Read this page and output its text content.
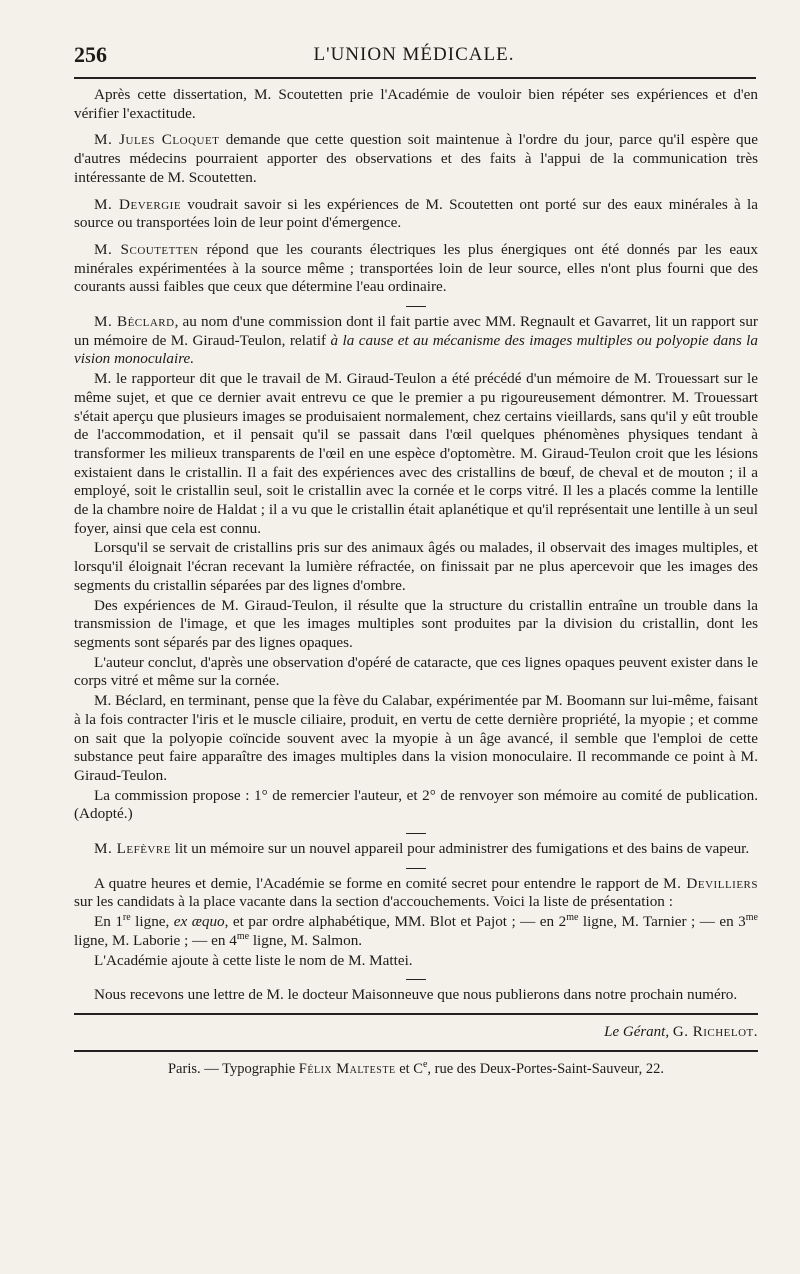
256	L'UNION MÉDICALE.

Après cette dissertation, M. Scoutetten prie l'Académie de vouloir bien répéter ses expériences et d'en vérifier l'exactitude.

M. Jules Cloquet demande que cette question soit maintenue à l'ordre du jour, parce qu'il espère que d'autres médecins pourraient apporter des observations et des faits à l'appui de la communication très intéressante de M. Scoutetten.

M. Devergie voudrait savoir si les expériences de M. Scoutetten ont porté sur des eaux minérales à la source ou transportées loin de leur point d'émergence.

M. Scoutetten répond que les courants électriques les plus énergiques ont été donnés par les eaux minérales expérimentées à la source même ; transportées loin de leur source, elles n'ont plus fourni que des courants aussi faibles que ceux que détermine l'eau ordinaire.

M. Béclard, au nom d'une commission dont il fait partie avec MM. Regnault et Gavarret, lit un rapport sur un mémoire de M. Giraud-Teulon, relatif à la cause et au mécanisme des images multiples ou polyopie dans la vision monoculaire.

M. le rapporteur dit que le travail de M. Giraud-Teulon a été précédé d'un mémoire de M. Trouessart sur le même sujet, et que ce dernier avait entrevu ce que le premier a pu rigoureusement démontrer. M. Trouessart s'était aperçu que plusieurs images se produisaient normalement, chez certains vieillards, sans qu'il y eût trouble de l'accommodation, et il pensait qu'il se passait dans l'œil quelques phénomènes physiques tendant à transformer les milieux transparents de l'œil en une espèce d'optomètre. M. Giraud-Teulon croit que les lésions existaient dans le cristallin. Il a fait des expériences avec des cristallins de bœuf, de cheval et de mouton ; il a employé, soit le cristallin seul, soit le cristallin avec la cornée et le corps vitré. Il les a placés comme la lentille de la chambre noire de Haldat ; il a vu que le cristallin était aplanétique et qu'il représentait une lentille à un seul foyer, ainsi que cela est connu.

Lorsqu'il se servait de cristallins pris sur des animaux âgés ou malades, il observait des images multiples, et lorsqu'il éloignait l'écran recevant la lumière réfractée, on finissait par ne plus apercevoir que les images des segments du cristallin séparées par des lignes d'ombre.

Des expériences de M. Giraud-Teulon, il résulte que la structure du cristallin entraîne un trouble dans la transmission de l'image, et que les images multiples sont produites par la division du cristallin, dont les segments sont séparés par des lignes opaques.

L'auteur conclut, d'après une observation d'opéré de cataracte, que ces lignes opaques peuvent exister dans le corps vitré et même sur la cornée.

M. Béclard, en terminant, pense que la fève du Calabar, expérimentée par M. Boomann sur lui-même, faisant à la fois contracter l'iris et le muscle ciliaire, produit, en vertu de cette dernière propriété, la myopie ; et comme on sait que la polyopie coïncide souvent avec la myopie à un âge avancé, il semble que l'emploi de cette substance peut faire apparaître des images multiples dans la vision monoculaire. Il recommande ce point à M. Giraud-Teulon.

La commission propose : 1° de remercier l'auteur, et 2° de renvoyer son mémoire au comité de publication. (Adopté.)

M. Lefèvre lit un mémoire sur un nouvel appareil pour administrer des fumigations et des bains de vapeur.

A quatre heures et demie, l'Académie se forme en comité secret pour entendre le rapport de M. Devilliers sur les candidats à la place vacante dans la section d'accouchements. Voici la liste de présentation :

En 1re ligne, ex æquo, et par ordre alphabétique, MM. Blot et Pajot ; — en $2^{me}$ ligne, M. Tarnier ; — en $3^{me}$ ligne, M. Laborie ; — en $4^{me}$ ligne, M. Salmon.

L'Académie ajoute à cette liste le nom de M. Mattei.

Nous recevons une lettre de M. le docteur Maisonneuve que nous publierons dans notre prochain numéro.

Le Gérant, G. Richelot.
Paris. — Typographie Félix Malteste et Ce, rue des Deux-Portes-Saint-Sauveur, 22.
